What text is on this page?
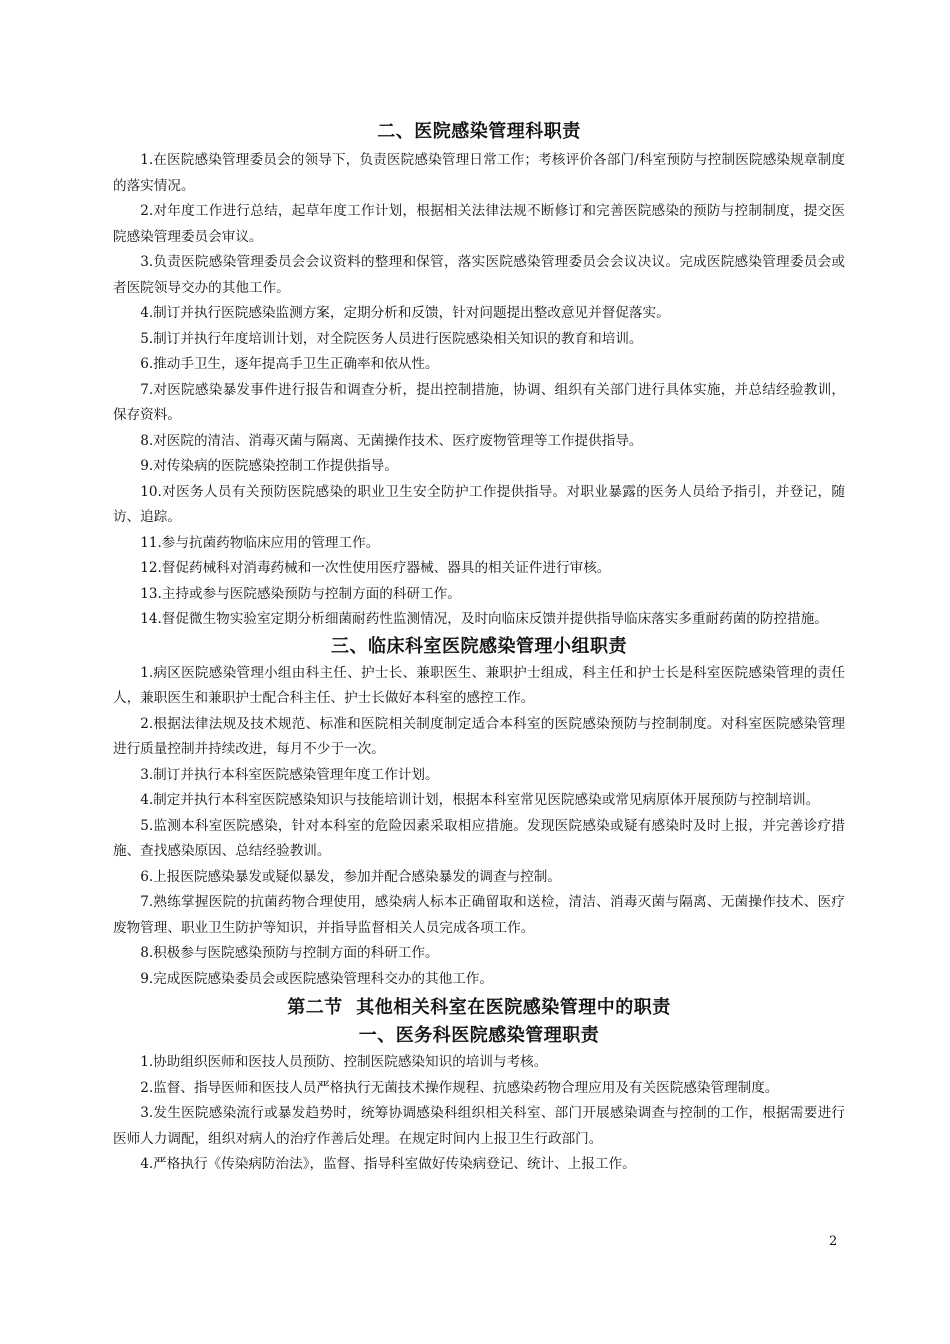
二、医院感染管理科职责

1.在医院感染管理委员会的领导下，负责医院感染管理日常工作；考核评价各部门/科室预防与控制医院感染规章制度的落实情况。

2.对年度工作进行总结，起草年度工作计划，根据相关法律法规不断修订和完善医院感染的预防与控制制度，提交医院感染管理委员会审议。

3.负责医院感染管理委员会会议资料的整理和保管，落实医院感染管理委员会会议决议。完成医院感染管理委员会或者医院领导交办的其他工作。

4.制订并执行医院感染监测方案，定期分析和反馈，针对问题提出整改意见并督促落实。

5.制订并执行年度培训计划，对全院医务人员进行医院感染相关知识的教育和培训。

6.推动手卫生，逐年提高手卫生正确率和依从性。

7.对医院感染暴发事件进行报告和调查分析，提出控制措施，协调、组织有关部门进行具体实施，并总结经验教训，保存资料。

8.对医院的清洁、消毒灭菌与隔离、无菌操作技术、医疗废物管理等工作提供指导。

9.对传染病的医院感染控制工作提供指导。

10.对医务人员有关预防医院感染的职业卫生安全防护工作提供指导。对职业暴露的医务人员给予指引，并登记，随访、追踪。

11.参与抗菌药物临床应用的管理工作。

12.督促药械科对消毒药械和一次性使用医疗器械、器具的相关证件进行审核。

13.主持或参与医院感染预防与控制方面的科研工作。

14.督促微生物实验室定期分析细菌耐药性监测情况，及时向临床反馈并提供指导临床落实多重耐药菌的防控措施。

三、临床科室医院感染管理小组职责

1.病区医院感染管理小组由科主任、护士长、兼职医生、兼职护士组成，科主任和护士长是科室医院感染管理的责任人，兼职医生和兼职护士配合科主任、护士长做好本科室的感控工作。

2.根据法律法规及技术规范、标准和医院相关制度制定适合本科室的医院感染预防与控制制度。对科室医院感染管理进行质量控制并持续改进，每月不少于一次。

3.制订并执行本科室医院感染管理年度工作计划。

4.制定并执行本科室医院感染知识与技能培训计划，根据本科室常见医院感染或常见病原体开展预防与控制培训。

5.监测本科室医院感染，针对本科室的危险因素采取相应措施。发现医院感染或疑有感染时及时上报，并完善诊疗措施、查找感染原因、总结经验教训。

6.上报医院感染暴发或疑似暴发，参加并配合感染暴发的调查与控制。

7.熟练掌握医院的抗菌药物合理使用，感染病人标本正确留取和送检，清洁、消毒灭菌与隔离、无菌操作技术、医疗废物管理、职业卫生防护等知识，并指导监督相关人员完成各项工作。

8.积极参与医院感染预防与控制方面的科研工作。

9.完成医院感染委员会或医院感染管理科交办的其他工作。

第二节  其他相关科室在医院感染管理中的职责
一、医务科医院感染管理职责

1.协助组织医师和医技人员预防、控制医院感染知识的培训与考核。

2.监督、指导医师和医技人员严格执行无菌技术操作规程、抗感染药物合理应用及有关医院感染管理制度。

3.发生医院感染流行或暴发趋势时，统筹协调感染科组织相关科室、部门开展感染调查与控制的工作，根据需要进行医师人力调配，组织对病人的治疗作善后处理。在规定时间内上报卫生行政部门。

4.严格执行《传染病防治法》，监督、指导科室做好传染病登记、统计、上报工作。

2
